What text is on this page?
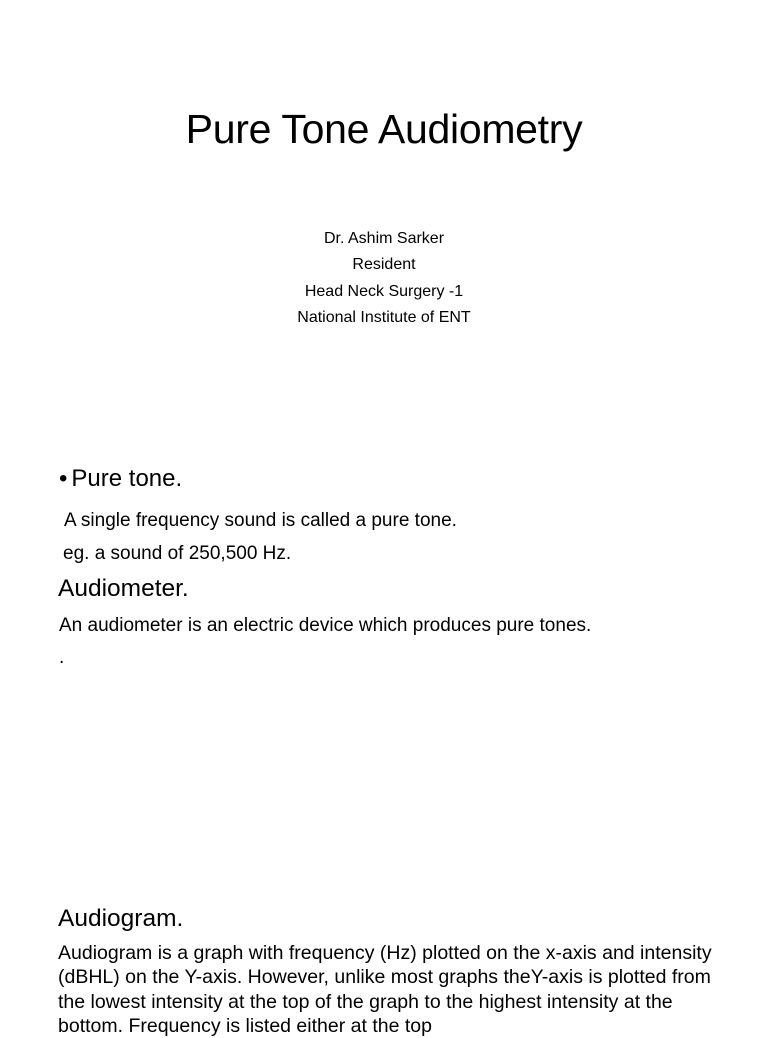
Pure Tone Audiometry
Dr. Ashim Sarker
Resident
Head Neck Surgery -1
National Institute of ENT
• Pure tone.
A single frequency sound is called a pure tone.
eg. a sound of 250,500 Hz.
Audiometer.
An audiometer is an electric device which produces pure tones.
.
Audiogram.
Audiogram is a graph with frequency (Hz) plotted on the x-axis and intensity (dBHL) on the Y-axis. However, unlike most graphs theY-axis is plotted from the lowest intensity at the top of the graph to the highest intensity at the bottom. Frequency is listed either at the top
